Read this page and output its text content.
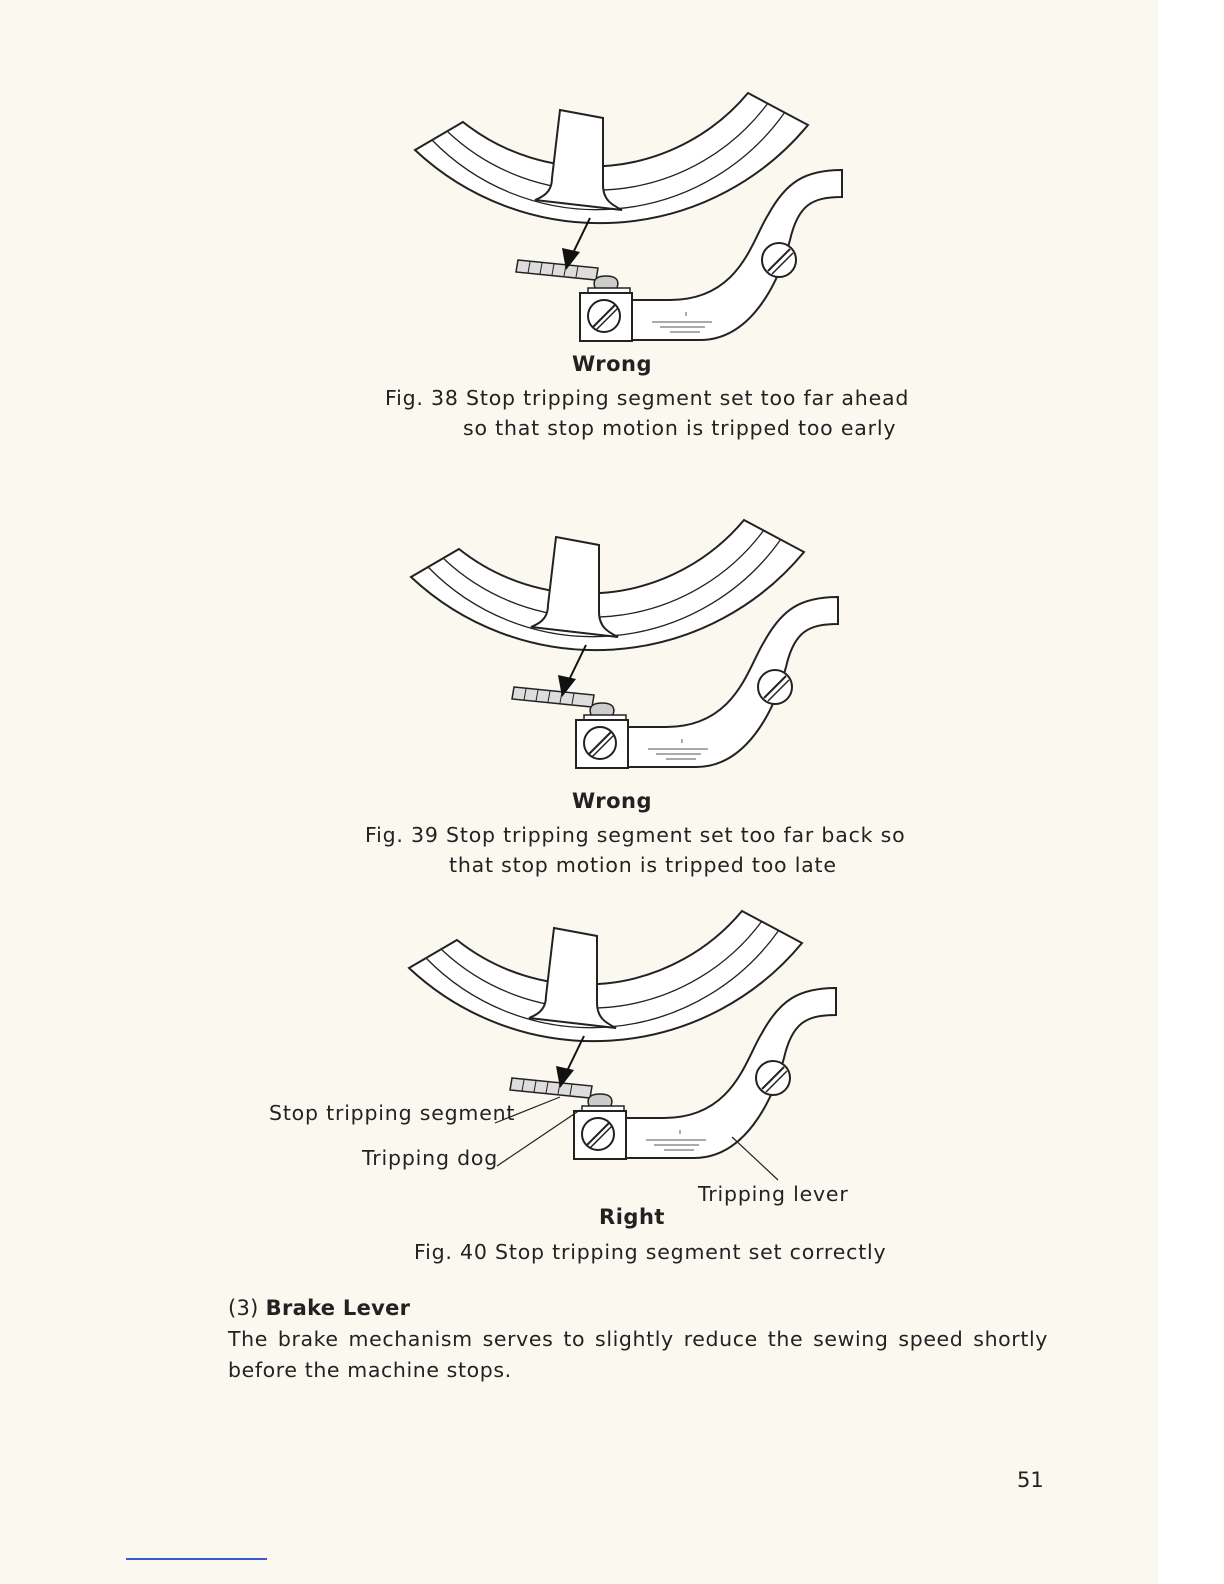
Wrong
Fig. 38 Stop tripping segment set too far ahead
so that stop motion is tripped too early
Wrong
Fig. 39 Stop tripping segment set too far back so
that stop motion is tripped too late
Stop tripping segment
Tripping dog
Tripping lever
Right
Fig. 40 Stop tripping segment set correctly
(3) Brake Lever
The brake mechanism serves to slightly reduce the sewing speed shortly
before the machine stops.
51
